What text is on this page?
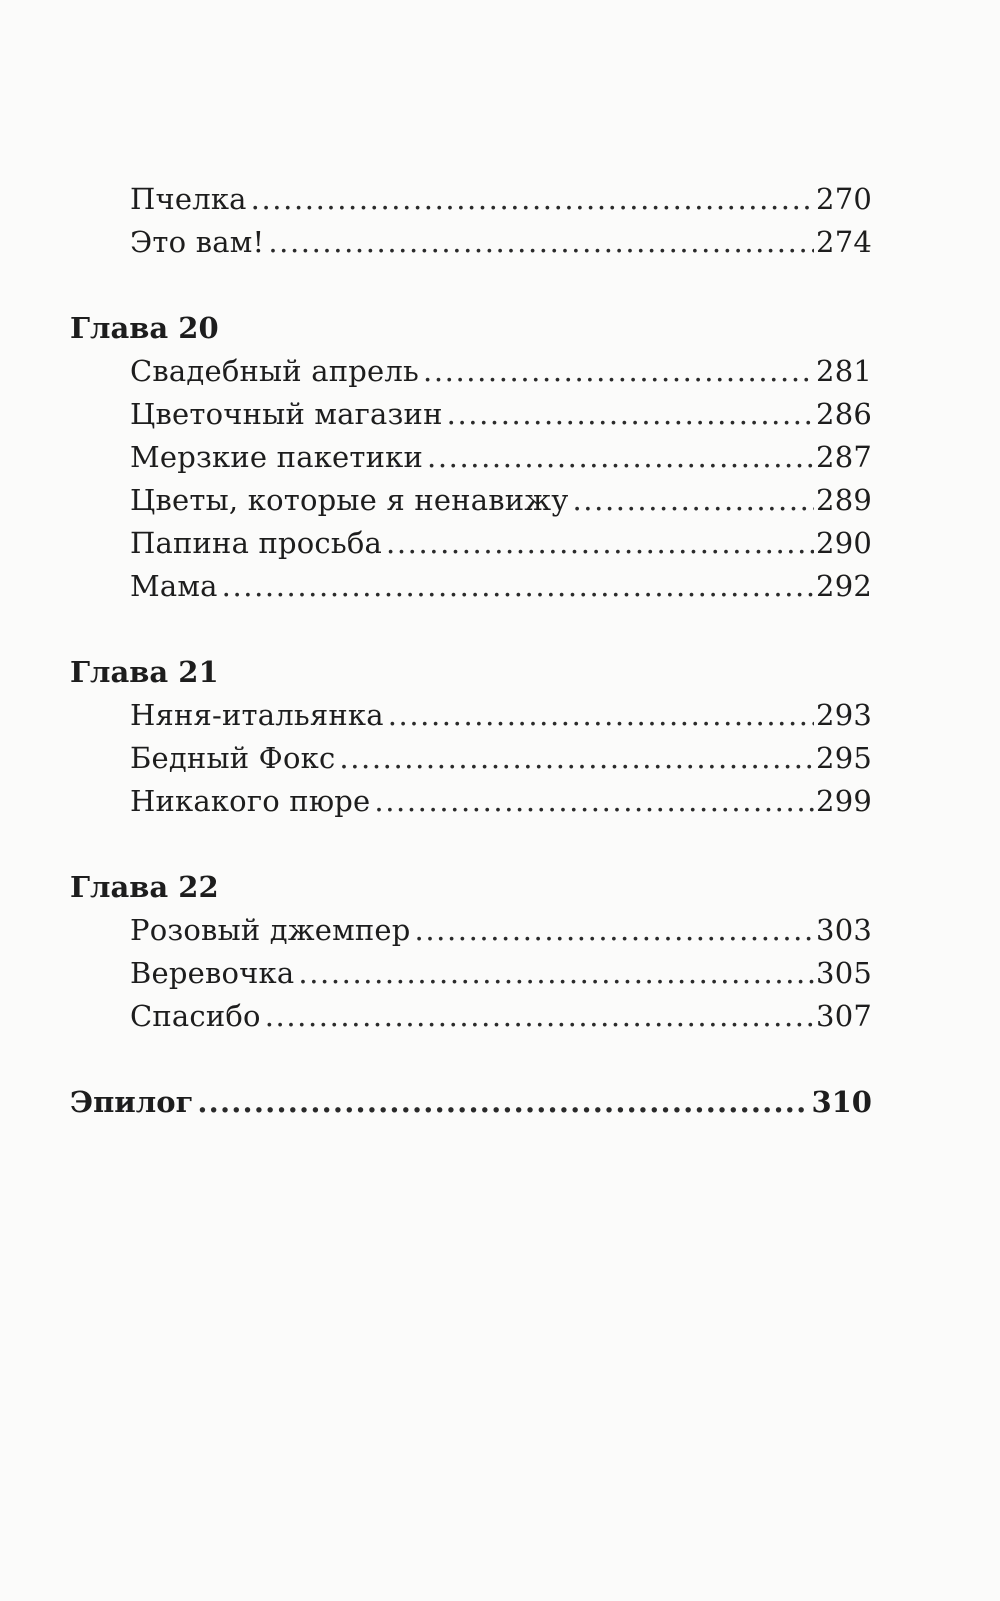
Пчелка .....	270
Это вам! .....	274
Глава 20
Свадебный апрель .....	281
Цветочный магазин .....	286
Мерзкие пакетики .....	287
Цветы, которые я ненавижу .....	289
Папина просьба .....	290
Мама .....	292
Глава 21
Няня-итальянка .....	293
Бедный Фокс .....	295
Никакого пюре .....	299
Глава 22
Розовый джемпер .....	303
Веревочка .....	305
Спасибо .....	307
Эпилог .....	310
